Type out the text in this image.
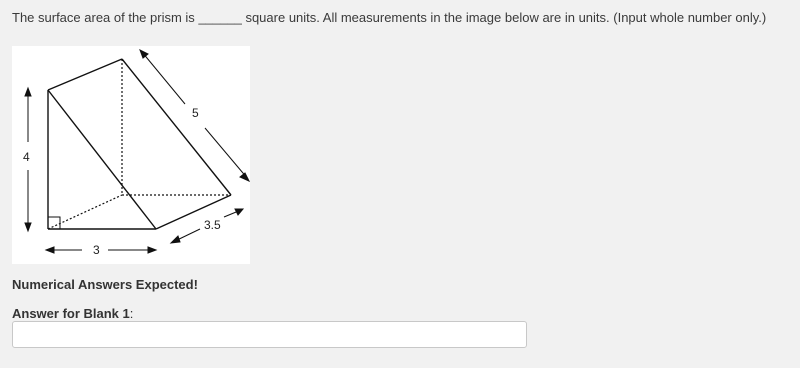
The surface area of the prism is ______ square units. All measurements in the image below are in units. (Input whole number only.)
4
3
5
3.5
Numerical Answers Expected!
Answer for Blank 1:
